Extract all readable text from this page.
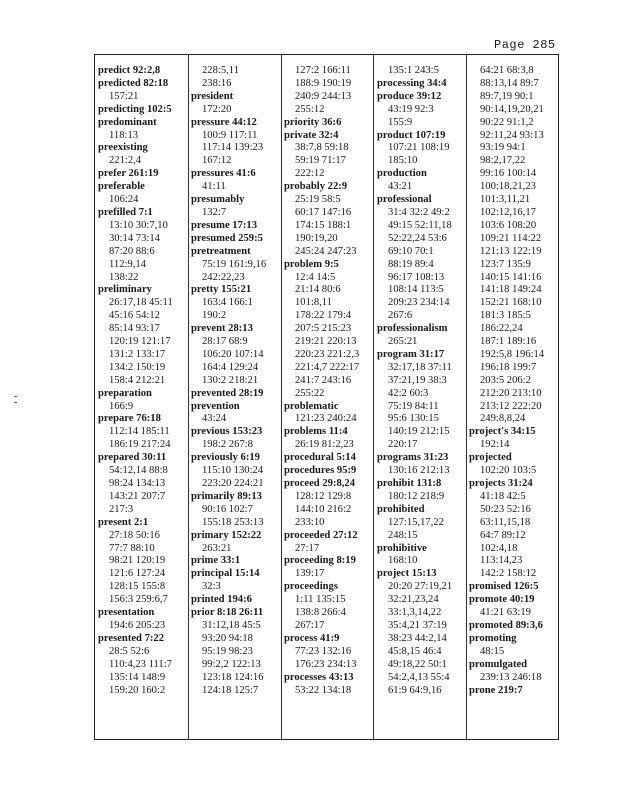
Page 285
predict 92:2,8
predicted 82:18
157:21
predicting 102:5
predominant
118:13
preexisting
221:2,4
prefer 261:19
preferable
106:24
prefilled 7:1
13:10 30:7,10
30:14 73:14
87:20 88:6
112:9,14
138:22
preliminary
26:17,18 45:11
45:16 54:12
85:14 93:17
120:19 121:17
131:2 133:17
134:2 150:19
158:4 212:21
preparation
166:9
prepare 76:18
112:14 185:11
186:19 217:24
prepared 30:11
54:12,14 88:8
98:24 134:13
143:21 207:7
217:3
present 2:1
27:18 50:16
77:7 88:10
98:21 120:19
121:6 127:24
128:15 155:8
156:3 259:6,7
presentation
194:6 205:23
presented 7:22
28:5 52:6
110:4,23 111:7
135:14 148:9
159:20 160:2
228:5,11
238:16
president
172:20
pressure 44:12
100:9 117:11
117:14 139:23
167:12
pressures 41:6
41:11
presumably
132:7
presume 17:13
presumed 259:5
pretreatment
75:19 161:9,16
242:22,23
pretty 155:21
163:4 166:1
190:2
prevent 28:13
28:17 68:9
106:20 107:14
164:4 129:24
130:2 218:21
prevented 28:19
prevention
43:24
previous 153:23
198:2 267:8
previously 6:19
115:10 130:24
223:20 224:21
primarily 89:13
90:16 102:7
155:18 253:13
primary 152:22
263:21
prime 33:1
principal 15:14
32:3
printed 194:6
prior 8:18 26:11
31:12,18 45:5
93:20 94:18
95:19 98:23
99:2,2 122:13
123:18 124:16
124:18 125:7
127:2 166:11
188:9 190:19
240:9 244:13
255:12
priority 36:6
private 32:4
38:7,8 59:18
59:19 71:17
222:12
probably 22:9
25:19 58:5
60:17 147:16
174:15 188:1
190:19,20
245:24 247:23
problem 9:5
12:4 14:5
21:14 80:6
101:8,11
178:22 179:4
207:5 215:23
219:21 220:13
220:23 221:2,3
221:4,7 222:17
241:7 243:16
255:22
problematic
121:23 240:24
problems 11:4
26:19 81:2,23
procedural 5:14
procedures 95:9
proceed 29:8,24
128:12 129:8
144:10 216:2
233:10
proceeded 27:12
27:17
proceeding 8:19
139:17
proceedings
1:11 135:15
138:8 266:4
267:17
process 41:9
77:23 132:16
176:23 234:13
processes 43:13
53:22 134:18
135:1 243:5
processing 34:4
produce 39:12
43:19 92:3
155:9
product 107:19
107:21 108:19
185:10
production
43:21
professional
31:4 32:2 49:2
49:15 52:11,18
52:22,24 53:6
69:10 70:1
88:19 89:4
96:17 108:13
108:14 113:5
209:23 234:14
267:6
professionalism
265:21
program 31:17
32:17,18 37:11
37:21,19 38:3
42:2 60:3
75:19 84:11
95:6 130:15
140:19 212:15
220:17
programs 31:23
130:16 212:13
prohibit 131:8
180:12 218:9
prohibited
127:15,17,22
248:15
prohibitive
168:10
project 15:13
20:20 27:19,21
32:21,23,24
33:1,3,14,22
35:4,21 37:19
38:23 44:2,14
45:8,15 46:4
49:18,22 50:1
54:2,4,13 55:4
61:9 64:9,16
64:21 68:3,8
88:13,14 89:7
89:7,19 90:1
90:14,19,20,21
90:22 91:1,2
92:11,24 93:13
93:19 94:1
98:2,17,22
99:16 100:14
100:18,21,23
101:3,11,21
102:12,16,17
103:6 108:20
109:21 114:22
121:13 122:19
123:7 135:9
140:15 141:16
141:18 149:24
152:21 168:10
181:3 185:5
186:22,24
187:1 189:16
192:5,8 196:14
196:18 199:7
203:5 206:2
212:20 213:10
213:12 222:20
249:8,8,24
project's 34:15
192:14
projected
102:20 103:5
projects 31:24
41:18 42:5
50:23 52:16
63:11,15,18
64:7 89:12
102:4,18
113:14,23
142:2 158:12
promised 126:5
promote 40:19
41:21 63:19
promoted 89:3,6
promoting
48:15
promulgated
239:13 246:18
prone 219:7
